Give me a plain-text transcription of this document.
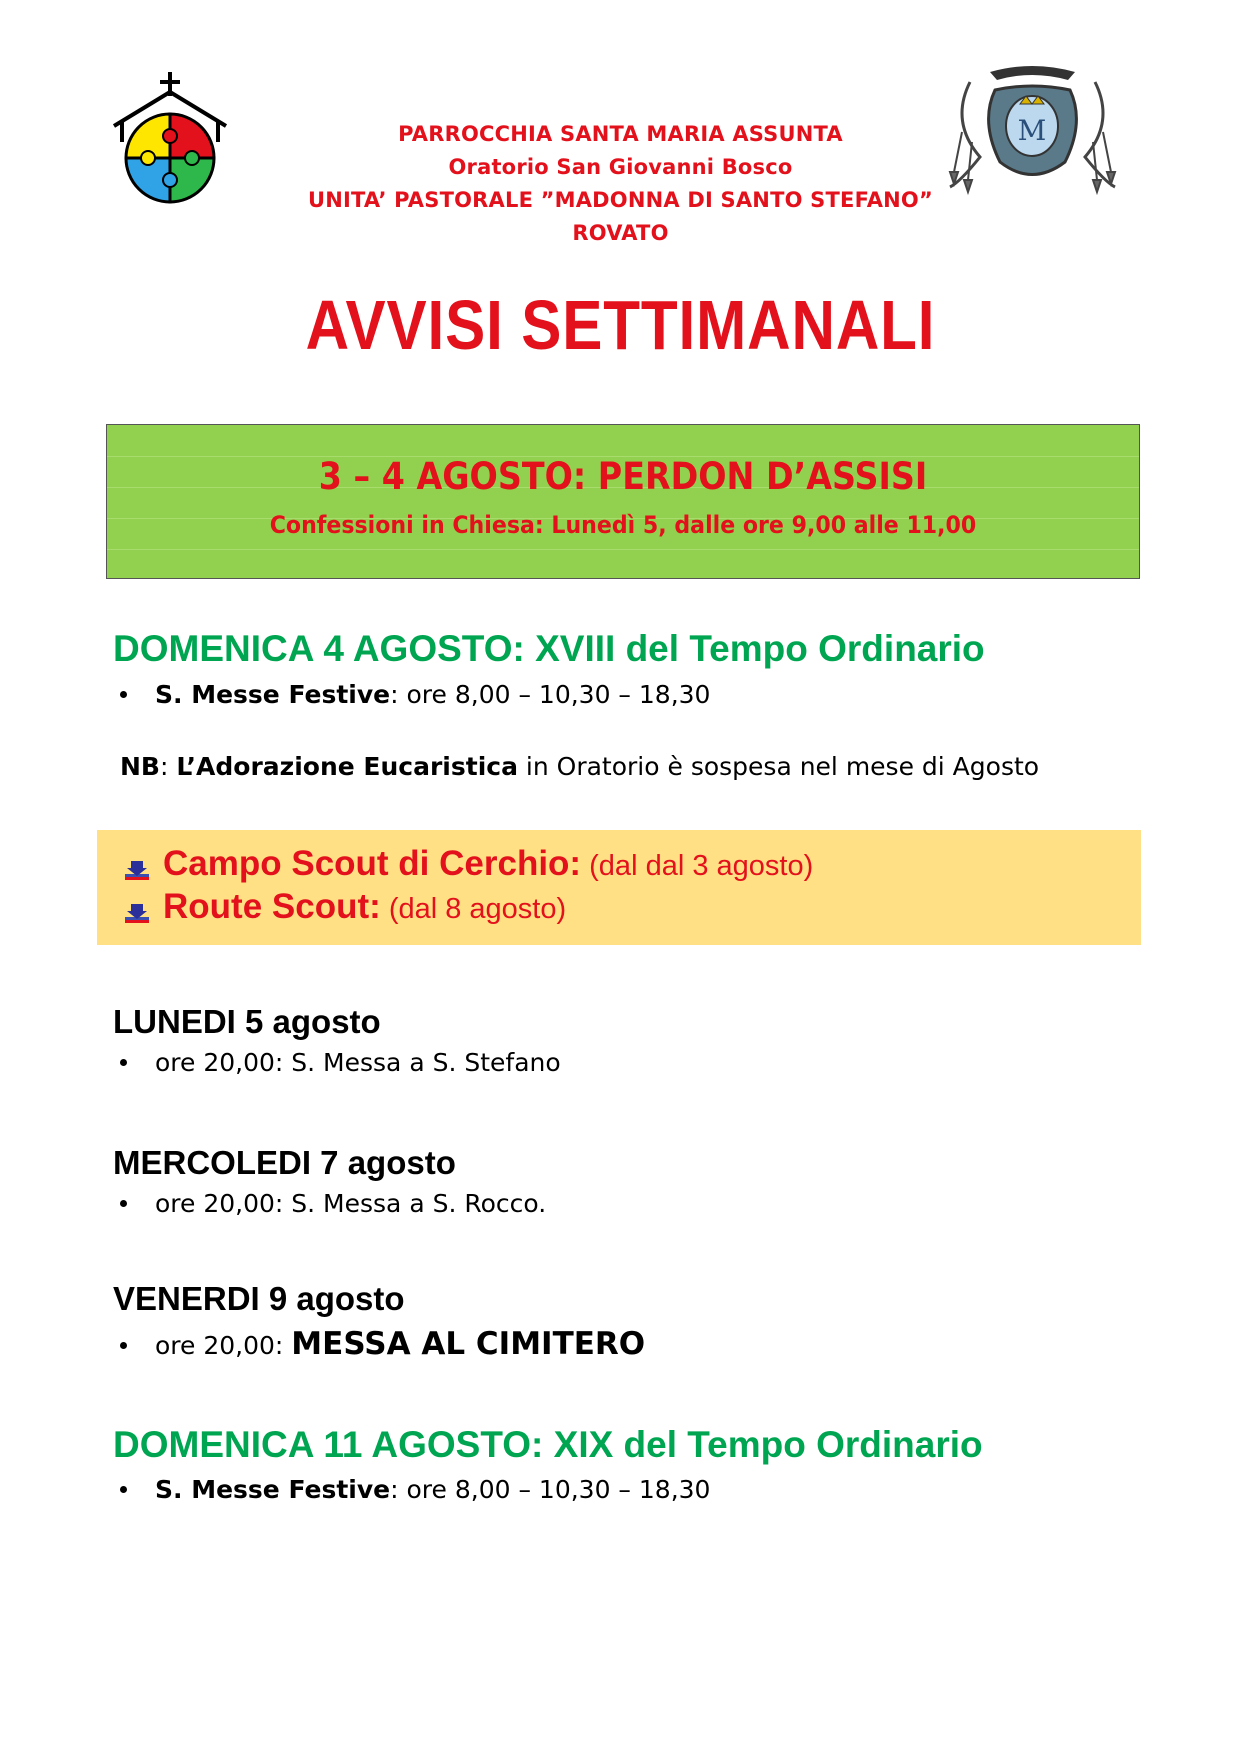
M
PARROCCHIA SANTA MARIA ASSUNTA
Oratorio San Giovanni Bosco
UNITA’ PASTORALE ”MADONNA DI SANTO STEFANO”
ROVATO
AVVISI SETTIMANALI
3 – 4 AGOSTO: PERDON D’ASSISI
Confessioni in Chiesa: Lunedì 5, dalle ore 9,00 alle 11,00
DOMENICA 4 AGOSTO: XVIII del Tempo Ordinario
S. Messe Festive: ore 8,00 – 10,30 – 18,30
NB: L’Adorazione Eucaristica in Oratorio è sospesa nel mese di Agosto
Campo Scout di Cerchio: (dal dal 3 agosto)
Route Scout: (dal 8 agosto)
LUNEDI 5 agosto
ore 20,00: S. Messa a S. Stefano
MERCOLEDI 7 agosto
ore 20,00: S. Messa a S. Rocco.
VENERDI 9 agosto
ore 20,00: MESSA AL CIMITERO
DOMENICA 11 AGOSTO: XIX del Tempo Ordinario
S. Messe Festive: ore 8,00 – 10,30 – 18,30
